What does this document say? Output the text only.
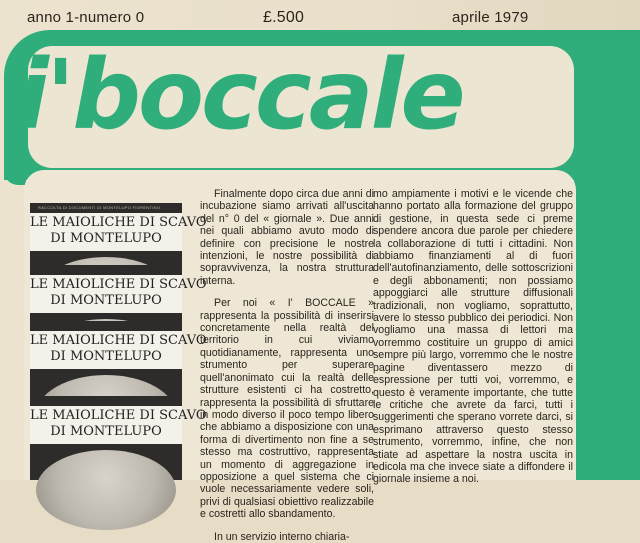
anno 1-numero 0	£.500	aprile 1979
i'boccale
RACCOLTA DI DOCUMENTI DI MONTELUPO FIORENTINO
LE MAIOLICHE DI SCAVO
DI MONTELUPO
LE MAIOLICHE DI SCAVO
DI MONTELUPO
LE MAIOLICHE DI SCAVO
DI MONTELUPO
LE MAIOLICHE DI SCAVO
DI MONTELUPO

Finalmente dopo circa due anni di incubazione siamo arrivati all'uscita del n° 0 del « giornale ». Due anni nei quali abbiamo avuto modo di definire con precisione le nostre intenzioni, le nostre possibilità di sopravvivenza, la nostra struttura interna.

Per noi « I' BOCCALE » rappresenta la possibilità di inserirsi concretamente nella realtà del territorio in cui viviamo quotidianamente, rappresenta uno strumento per superare quell'anonimato cui la realtà delle strutture esistenti ci ha costretto, rappresenta la possibilità di sfruttare in modo diverso il poco tempo libero che abbiamo a disposizione con una forma di divertimento non fine a se stesso ma costruttivo, rappresenta un momento di aggregazione in opposizione a quel sistema che ci vuole necessariamente vedere soli, privi di qualsiasi obiettivo realizzabile e costretti allo sbandamento.

In un servizio interno chiaria-

mo ampiamente i motivi e le vicende che hanno portato alla formazione del gruppo di gestione, in questa sede ci preme spendere ancora due parole per chiedere la collaborazione di tutti i cittadini. Non abbiamo finanziamenti al di fuori dell'autofinanziamento, delle sottoscrizioni e degli abbonamenti; non possiamo appoggiarci alle strutture diffusionali tradizionali, non vogliamo, soprattutto, avere lo stesso pubblico dei periodici. Non vogliamo una massa di lettori ma vorremmo costituire un gruppo di amici sempre più largo, vorremmo che le nostre pagine diventassero mezzo di espressione per tutti voi, vorremmo, e questo è veramente importante, che tutte le critiche che avrete da farci, tutti i suggerimenti che sperano vorrete darci, si esprimano attraverso questo stesso strumento, vorremmo, infine, che non stiate ad aspettare la nostra uscita in edicola ma che invece siate a diffondere il giornale insieme a noi.
